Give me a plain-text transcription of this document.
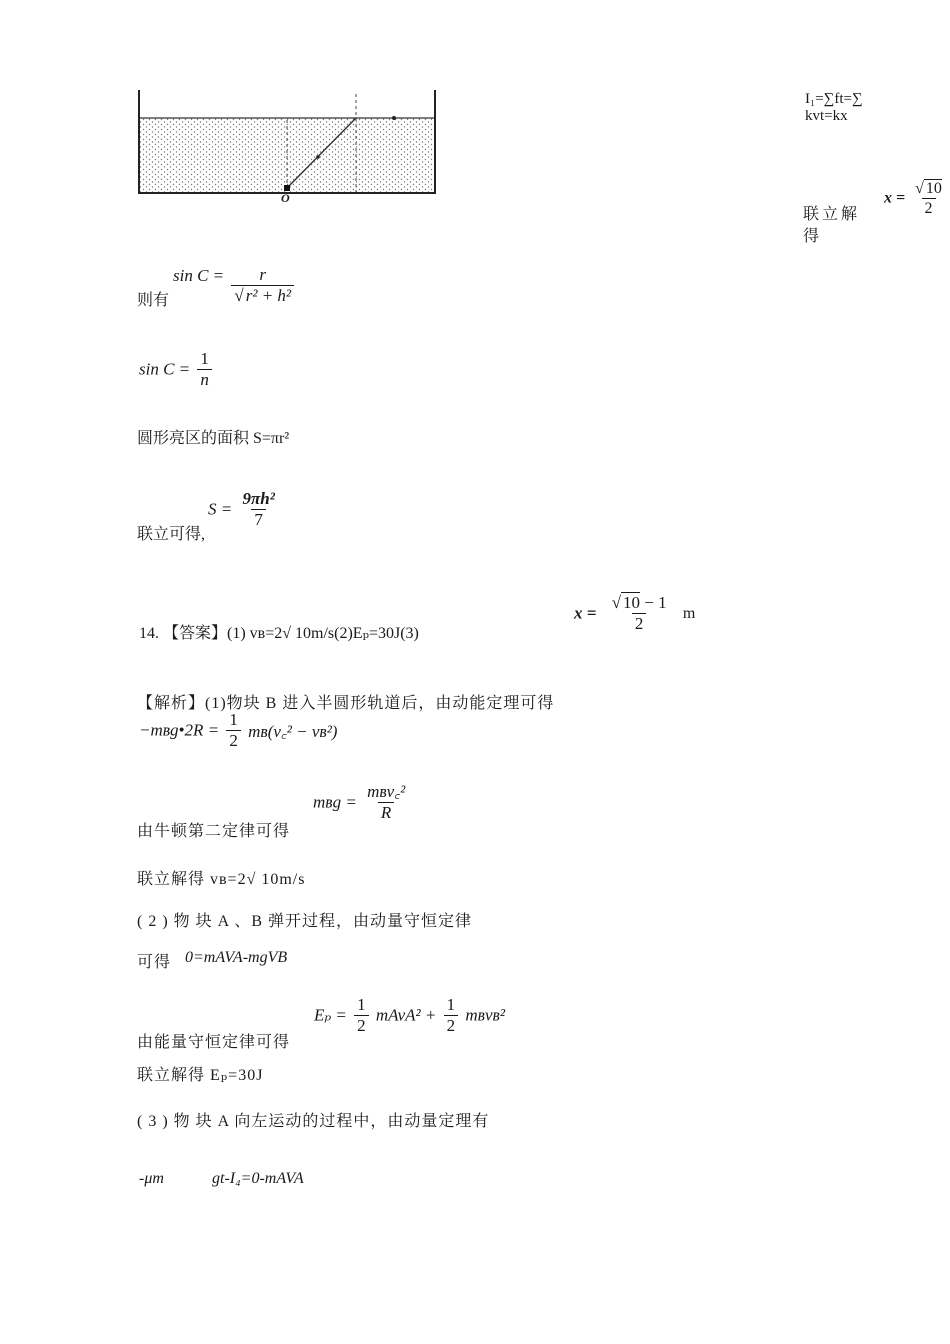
O
I₁=∑ft=∑kvt=kx
联立解得
$x = \frac{√ 10}{2}$
则有
$\sin C = \frac{r}{\text{√ r² + h²}}$
$\sin C = \frac{1}{n}$
圆形亮区的面积 S=πr²
联立可得,
$S = \frac{\text{9πh²}}{7}$
14. 【答案】(1) vʙ=2√ 10m/s(2)Eₚ=30J(3)
$x = \frac{√ 10 - 1}{2}$ m
【解析】(1)物块 B 进入半圆形轨道后，由动能定理可得
−mʙg•2R = $\frac{1}{2}$ mʙ(v꜀² − vʙ²)
由牛顿第二定律可得
mʙg = $\frac{\text{mʙv꜀²}}{R}$
联立解得 vʙ=2√ 10m/s
( 2 ) 物 块 A 、B 弹开过程，由动量守恒定律
可得 0=mAVA-mgVB
由能量守恒定律可得
$E_p = \frac{1}{2}$ mAvA² + $\frac{1}{2}$ mʙvʙ²
联立解得 Eₚ=30J
( 3 ) 物 块 A 向左运动的过程中，由动量定理有
-μm	gt-I₄=0-mAVA
